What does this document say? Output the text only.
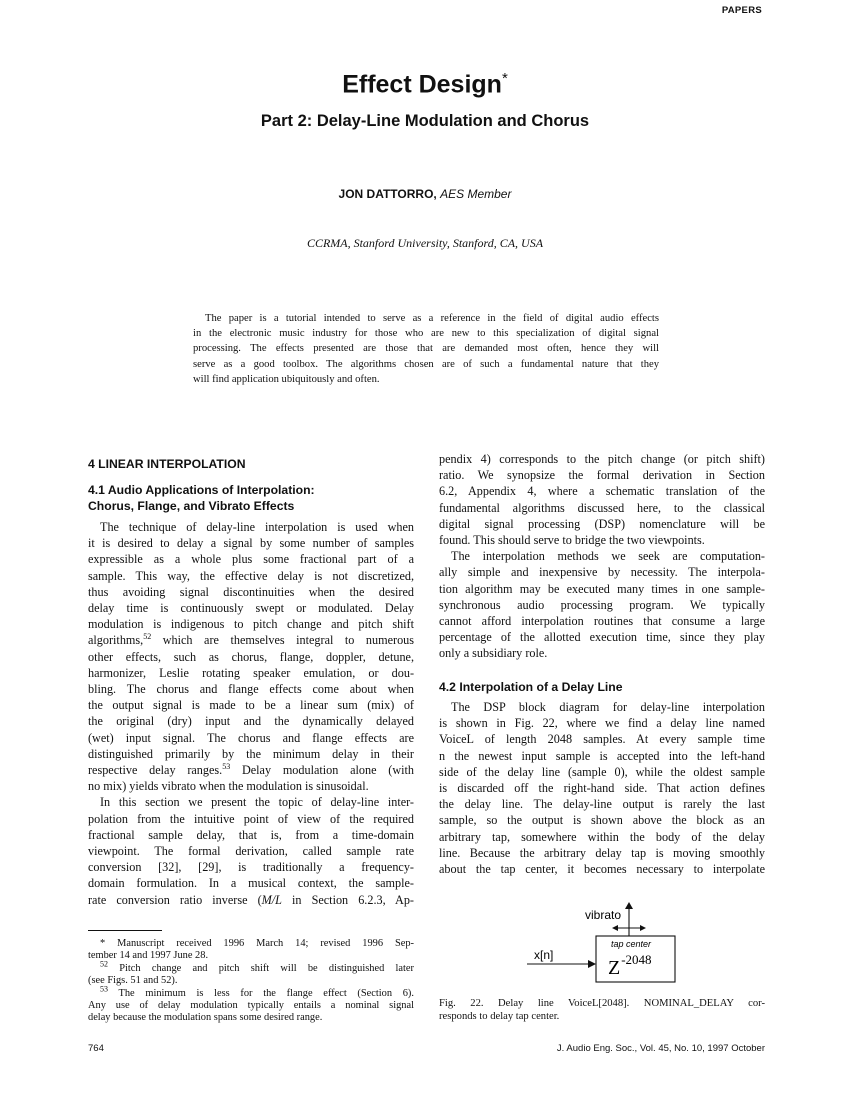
PAPERS
Effect Design*
Part 2: Delay-Line Modulation and Chorus
JON DATTORRO, AES Member
CCRMA, Stanford University, Stanford, CA, USA
The paper is a tutorial intended to serve as a reference in the field of digital audio effects
in the electronic music industry for those who are new to this specialization of digital signal
processing. The effects presented are those that are demanded most often, hence they will
serve as a good toolbox. The algorithms chosen are of such a fundamental nature that they
will find application ubiquitously and often.
4 LINEAR INTERPOLATION
4.1 Audio Applications of Interpolation:
Chorus, Flange, and Vibrato Effects
The technique of delay-line interpolation is used when
it is desired to delay a signal by some number of samples
expressible as a whole plus some fractional part of a
sample. This way, the effective delay is not discretized,
thus avoiding signal discontinuities when the desired
delay time is continuously swept or modulated. Delay
modulation is indigenous to pitch change and pitch shift
algorithms,$^{52}$ which are themselves integral to numerous
other effects, such as chorus, flange, doppler, detune,
harmonizer, Leslie rotating speaker emulation, or dou-
bling. The chorus and flange effects come about when
the output signal is made to be a linear sum (mix) of
the original (dry) input and the dynamically delayed
(wet) input signal. The chorus and flange effects are
distinguished primarily by the minimum delay in their
respective delay ranges.$^{53}$ Delay modulation alone (with
no mix) yields vibrato when the modulation is sinusoidal.
In this section we present the topic of delay-line inter-
polation from the intuitive point of view of the required
fractional sample delay, that is, from a time-domain
viewpoint. The formal derivation, called sample rate
conversion [32], [29], is traditionally a frequency-
domain formulation. In a musical context, the sample-
rate conversion ratio inverse (M/L in Section 6.2.3, Ap-
* Manuscript received 1996 March 14; revised 1996 Sep-
tember 14 and 1997 June 28.
$^{52}$ Pitch change and pitch shift will be distinguished later
(see Figs. 51 and 52).
$^{53}$ The minimum is less for the flange effect (Section 6).
Any use of delay modulation typically entails a nominal signal
delay because the modulation spans some desired range.
pendix 4) corresponds to the pitch change (or pitch shift)
ratio. We synopsize the formal derivation in Section
6.2, Appendix 4, where a schematic translation of the
fundamental algorithms discussed here, to the classical
digital signal processing (DSP) nomenclature will be
found. This should serve to bridge the two viewpoints.
The interpolation methods we seek are computation-
ally simple and inexpensive by necessity. The interpola-
tion algorithm may be executed many times in one sample-
synchronous audio processing program. We typically
cannot afford interpolation routines that consume a large
percentage of the allotted execution time, since they play
only a subsidiary role.
4.2 Interpolation of a Delay Line
The DSP block diagram for delay-line interpolation
is shown in Fig. 22, where we find a delay line named
VoiceL of length 2048 samples. At every sample time
n the newest input sample is accepted into the left-hand
side of the delay line (sample 0), while the oldest sample
is discarded off the right-hand side. That action defines
the delay line. The delay-line output is rarely the last
sample, so the output is shown above the block as an
arbitrary tap, somewhere within the body of the delay
line. Because the arbitrary delay tap is moving smoothly
about the tap center, it becomes necessary to interpolate
vibrato
tap center
$Z^{-2048}$
x[n]
Fig. 22. Delay line VoiceL[2048]. NOMINAL_DELAY cor-
responds to delay tap center.
764	J. Audio Eng. Soc., Vol. 45, No. 10, 1997 October
